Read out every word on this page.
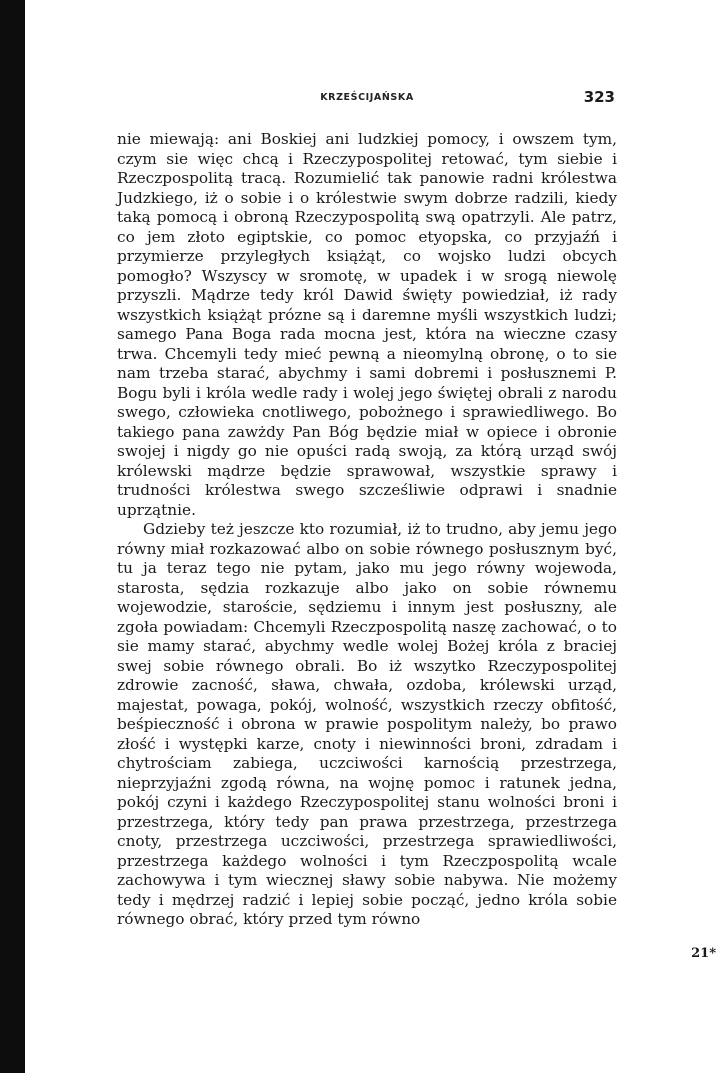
KRZEŚCIJAŃSKA	323

nie miewają: ani Boskiej ani ludzkiej pomocy, i owszem tym, czym sie więc chcą i Rzeczypospolitej retować, tym siebie i Rzeczpospolitą tracą. Rozumielić tak panowie radni królestwa Judzkiego, iż o sobie i o królestwie swym dobrze radzili, kiedy taką pomocą i obroną Rzeczypospolitą swą opatrzyli. Ale patrz, co jem złoto egiptskie, co pomoc etyopska, co przyjaźń i przymierze przyległych książąt, co wojsko ludzi obcych pomogło? Wszyscy w sromotę, w upadek i w srogą niewolę przyszli. Mądrze tedy król Dawid święty powiedział, iż rady wszystkich książąt prózne są i daremne myśli wszystkich ludzi; samego Pana Boga rada mocna jest, która na wieczne czasy trwa. Chcemyli tedy mieć pewną a nieomylną obronę, o to sie nam trzeba starać, abychmy i sami dobremi i posłusznemi P. Bogu byli i króla wedle rady i wolej jego świętej obrali z narodu swego, człowieka cnotliwego, pobożnego i sprawiedliwego. Bo takiego pana zawżdy Pan Bóg będzie miał w opiece i obronie swojej i nigdy go nie opuści radą swoją, za którą urząd swój królewski mądrze będzie sprawował, wszystkie sprawy i trudności królestwa swego szcześliwie odprawi i snadnie uprzątnie.

Gdzieby też jeszcze kto rozumiał, iż to trudno, aby jemu jego równy miał rozkazować albo on sobie równego posłusznym być, tu ja teraz tego nie pytam, jako mu jego równy wojewoda, starosta, sędzia rozkazuje albo jako on sobie równemu wojewodzie, staroście, sędziemu i innym jest posłuszny, ale zgoła powiadam: Chcemyli Rzeczpospolitą naszę zachować, o to sie mamy starać, abychmy wedle wolej Bożej króla z braciej swej sobie równego obrali. Bo iż wszytko Rzeczypospolitej zdrowie zacność, sława, chwała, ozdoba, królewski urząd, majestat, powaga, pokój, wolność, wszystkich rzeczy obfitość, beśpieczność i obrona w prawie pospolitym należy, bo prawo złość i występki karze, cnoty i niewinności broni, zdradam i chytrościam zabiega, uczciwości karnością przestrzega, nieprzyjaźni zgodą równa, na wojnę pomoc i ratunek jedna, pokój czyni i każdego Rzeczypospolitej stanu wolności broni i przestrzega, który tedy pan prawa przestrzega, przestrzega cnoty, przestrzega uczciwości, przestrzega sprawiedliwości, przestrzega każdego wolności i tym Rzeczpospolitą wcale zachowywa i tym wiecznej sławy sobie nabywa. Nie możemy tedy i mędrzej radzić i lepiej sobie począć, jedno króla sobie równego obrać, który przed tym równo

21*
